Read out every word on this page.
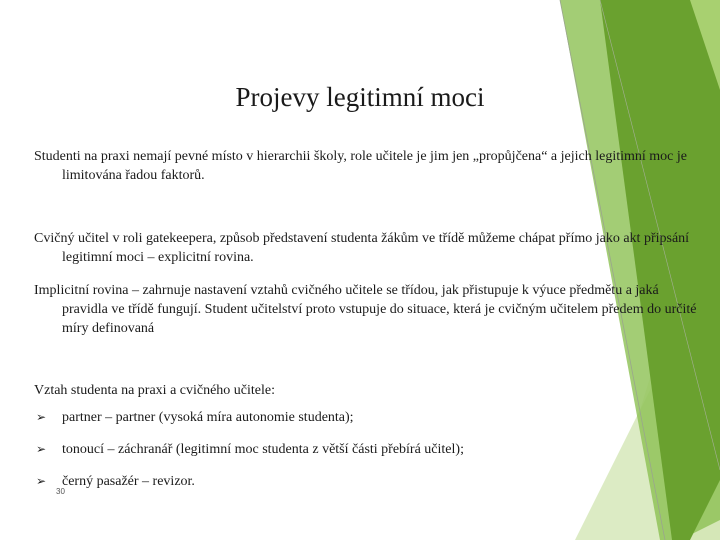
Projevy legitimní moci
Studenti na praxi nemají pevné místo v hierarchii školy, role učitele je jim jen „propůjčena“ a jejich legitimní moc je limitována řadou faktorů.
Cvičný učitel v roli gatekeepera, způsob představení studenta žákům ve třídě můžeme chápat přímo jako akt připsání legitimní moci – explicitní rovina.
Implicitní rovina – zahrnuje nastavení vztahů cvičného učitele se třídou, jak přistupuje k výuce předmětu a jaká pravidla ve třídě fungují. Student učitelství proto vstupuje do situace, která je cvičným učitelem předem do určité míry definovaná
Vztah studenta na praxi a cvičného učitele:
➢	partner – partner (vysoká míra autonomie studenta);
➢	tonoucí – záchranář (legitimní moc studenta z větší části přebírá učitel);
➢	černý pasažér – revizor.
30
